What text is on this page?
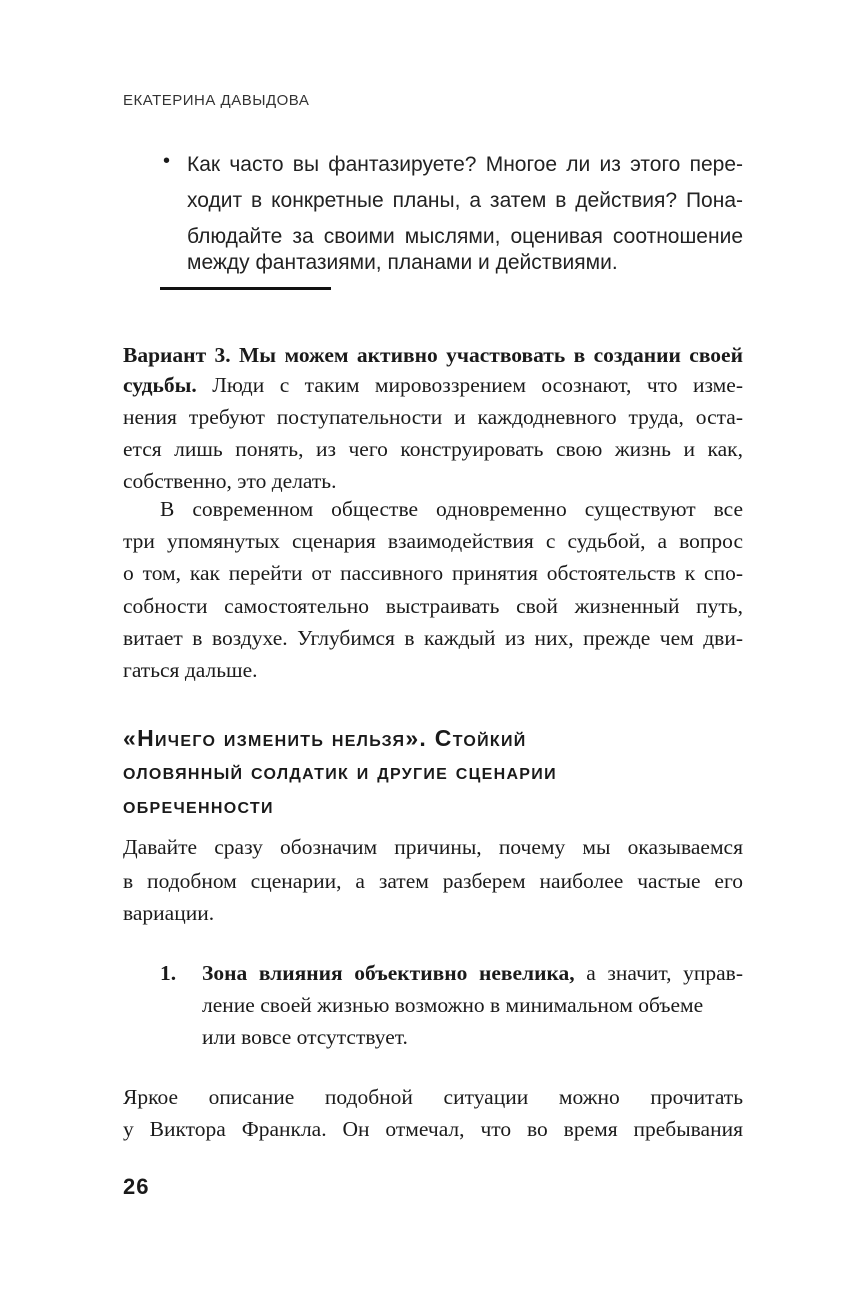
ЕКАТЕРИНА ДАВЫДОВА
• Как часто вы фантазируете? Многое ли из этого пере-
ходит в конкретные планы, а затем в действия? Пона-
блюдайте за своими мыслями, оценивая соотношение
между фантазиями, планами и действиями.
Вариант 3. Мы можем активно участвовать в создании своей
судьбы. Люди с таким мировоззрением осознают, что изме-
нения требуют поступательности и каждодневного труда, оста-
ется лишь понять, из чего конструировать свою жизнь и как,
собственно, это делать.
В современном обществе одновременно существуют все
три упомянутых сценария взаимодействия с судьбой, а вопрос
о том, как перейти от пассивного принятия обстоятельств к спо-
собности самостоятельно выстраивать свой жизненный путь,
витает в воздухе. Углубимся в каждый из них, прежде чем дви-
гаться дальше.
«Ничего изменить нельзя». Стойкий
оловянный солдатик и другие сценарии
обреченности
Давайте сразу обозначим причины, почему мы оказываемся
в подобном сценарии, а затем разберем наиболее частые его
вариации.
1. Зона влияния объективно невелика, а значит, управ-
ление своей жизнью возможно в минимальном объеме
или вовсе отсутствует.
Яркое описание подобной ситуации можно прочитать
у Виктора Франкла. Он отмечал, что во время пребывания
26
